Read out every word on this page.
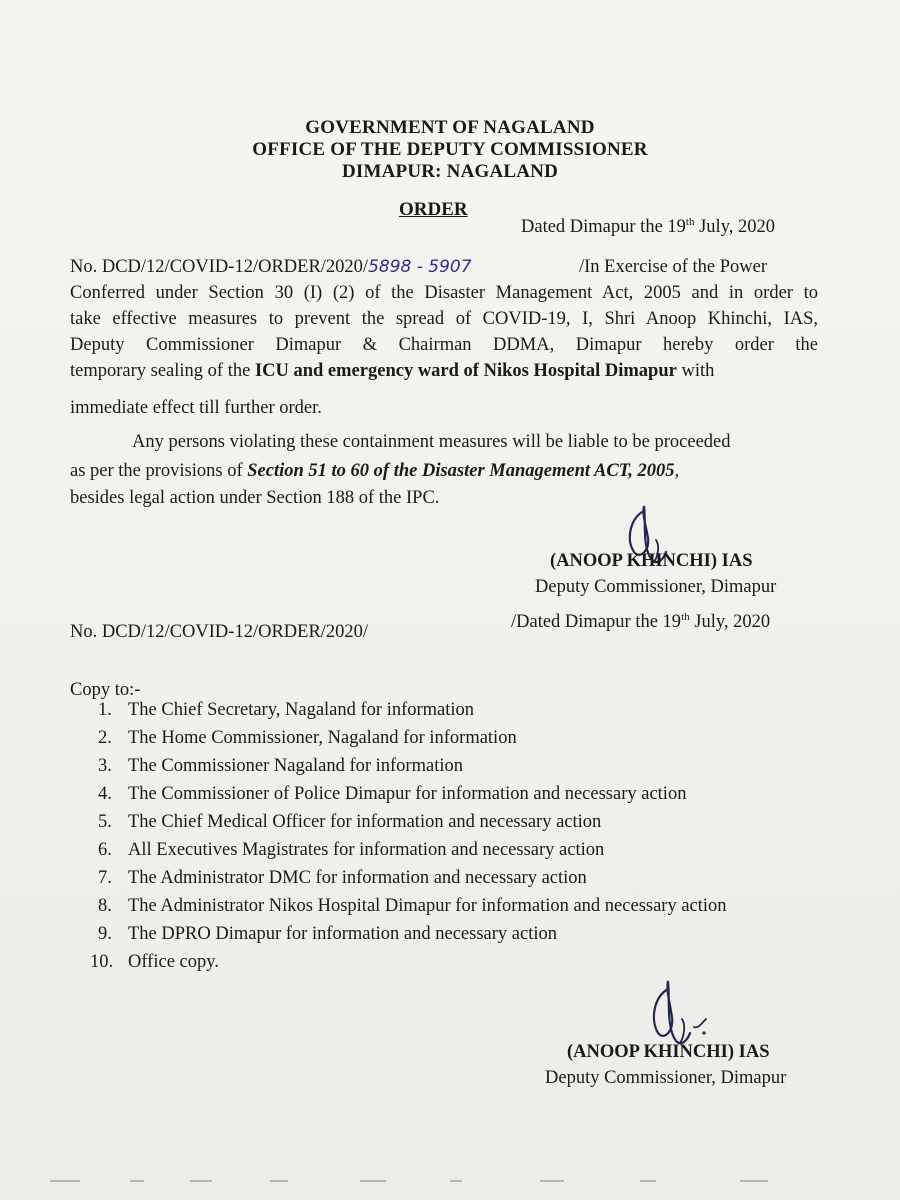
GOVERNMENT OF NAGALAND
OFFICE OF THE DEPUTY COMMISSIONER
DIMAPUR: NAGALAND
ORDER
Dated Dimapur the 19th July, 2020
No. DCD/12/COVID-12/ORDER/2020/5898 - 5907	/In Exercise of the Power
Conferred under Section 30 (I) (2) of the Disaster Management Act, 2005 and in order to
take effective measures to prevent the spread of COVID-19, I, Shri Anoop Khinchi, IAS,
Deputy Commissioner Dimapur & Chairman DDMA, Dimapur hereby order the
temporary sealing of the ICU and emergency ward of Nikos Hospital Dimapur with
immediate effect till further order.
Any persons violating these containment measures will be liable to be proceeded
as per the provisions of Section 51 to 60 of the Disaster Management ACT, 2005,
besides legal action under Section 188 of the IPC.
(ANOOP KHINCHI) IAS
Deputy Commissioner, Dimapur
No. DCD/12/COVID-12/ORDER/2020/	/Dated Dimapur the 19th July, 2020
Copy to:-
1. The Chief Secretary, Nagaland for information
2. The Home Commissioner, Nagaland for information
3. The Commissioner Nagaland for information
4. The Commissioner of Police Dimapur for information and necessary action
5. The Chief Medical Officer for information and necessary action
6. All Executives Magistrates for information and necessary action
7. The Administrator DMC for information and necessary action
8. The Administrator Nikos Hospital Dimapur for information and necessary action
9. The DPRO Dimapur for information and necessary action
10. Office copy.
(ANOOP KHINCHI) IAS
Deputy Commissioner, Dimapur
